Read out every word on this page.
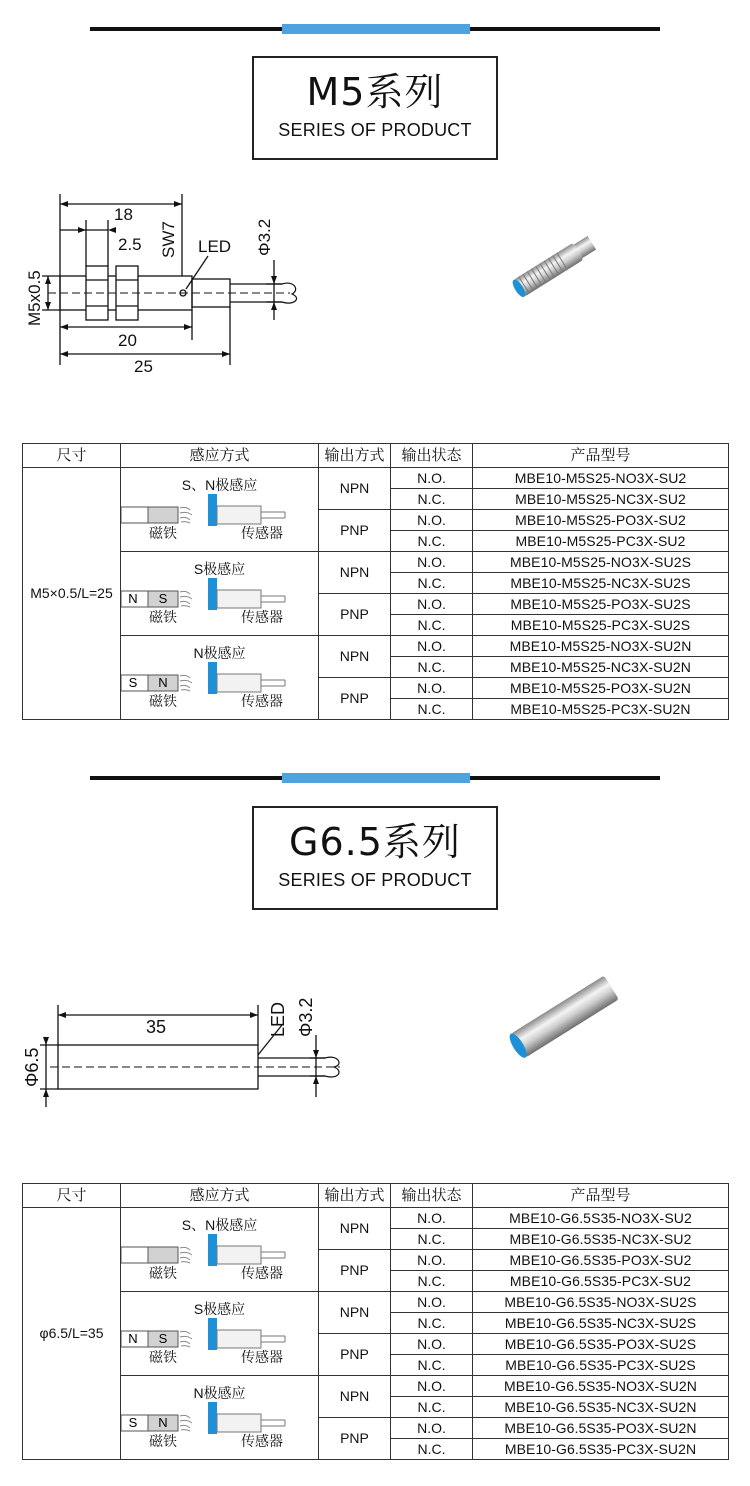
M5系列
SERIES OF PRODUCT
18
2.5 SW7 LED Φ3.2
M5x0.5
20
25
尺寸	感应方式	输出方式	输出状态	产品型号
M5×0.5/L=25	S、N极感应
磁铁 传感器	NPN	N.O.	MBE10-M5S25-NO3X-SU2
			N.C.	MBE10-M5S25-NC3X-SU2
		PNP	N.O.	MBE10-M5S25-PO3X-SU2
			N.C.	MBE10-M5S25-PC3X-SU2

	S极感应
N S
磁铁 传感器	NPN	N.O.	MBE10-M5S25-NO3X-SU2S
			N.C.	MBE10-M5S25-NC3X-SU2S
		PNP	N.O.	MBE10-M5S25-PO3X-SU2S
			N.C.	MBE10-M5S25-PC3X-SU2S

	N极感应
S N
磁铁 传感器	NPN	N.O.	MBE10-M5S25-NO3X-SU2N
			N.C.	MBE10-M5S25-NC3X-SU2N
		PNP	N.O.	MBE10-M5S25-PO3X-SU2N
			N.C.	MBE10-M5S25-PC3X-SU2N
G6.5系列
SERIES OF PRODUCT
35	LED Φ3.2
Φ6.5
尺寸	感应方式	输出方式	输出状态	产品型号
φ6.5/L=35	S、N极感应
磁铁 传感器	NPN	N.O.	MBE10-G6.5S35-NO3X-SU2
			N.C.	MBE10-G6.5S35-NC3X-SU2
		PNP	N.O.	MBE10-G6.5S35-PO3X-SU2
			N.C.	MBE10-G6.5S35-PC3X-SU2

	S极感应
N S
磁铁 传感器	NPN	N.O.	MBE10-G6.5S35-NO3X-SU2S
			N.C.	MBE10-G6.5S35-NC3X-SU2S
		PNP	N.O.	MBE10-G6.5S35-PO3X-SU2S
			N.C.	MBE10-G6.5S35-PC3X-SU2S

	N极感应
S N
磁铁 传感器	NPN	N.O.	MBE10-G6.5S35-NO3X-SU2N
			N.C.	MBE10-G6.5S35-NC3X-SU2N
		PNP	N.O.	MBE10-G6.5S35-PO3X-SU2N
			N.C.	MBE10-G6.5S35-PC3X-SU2N
